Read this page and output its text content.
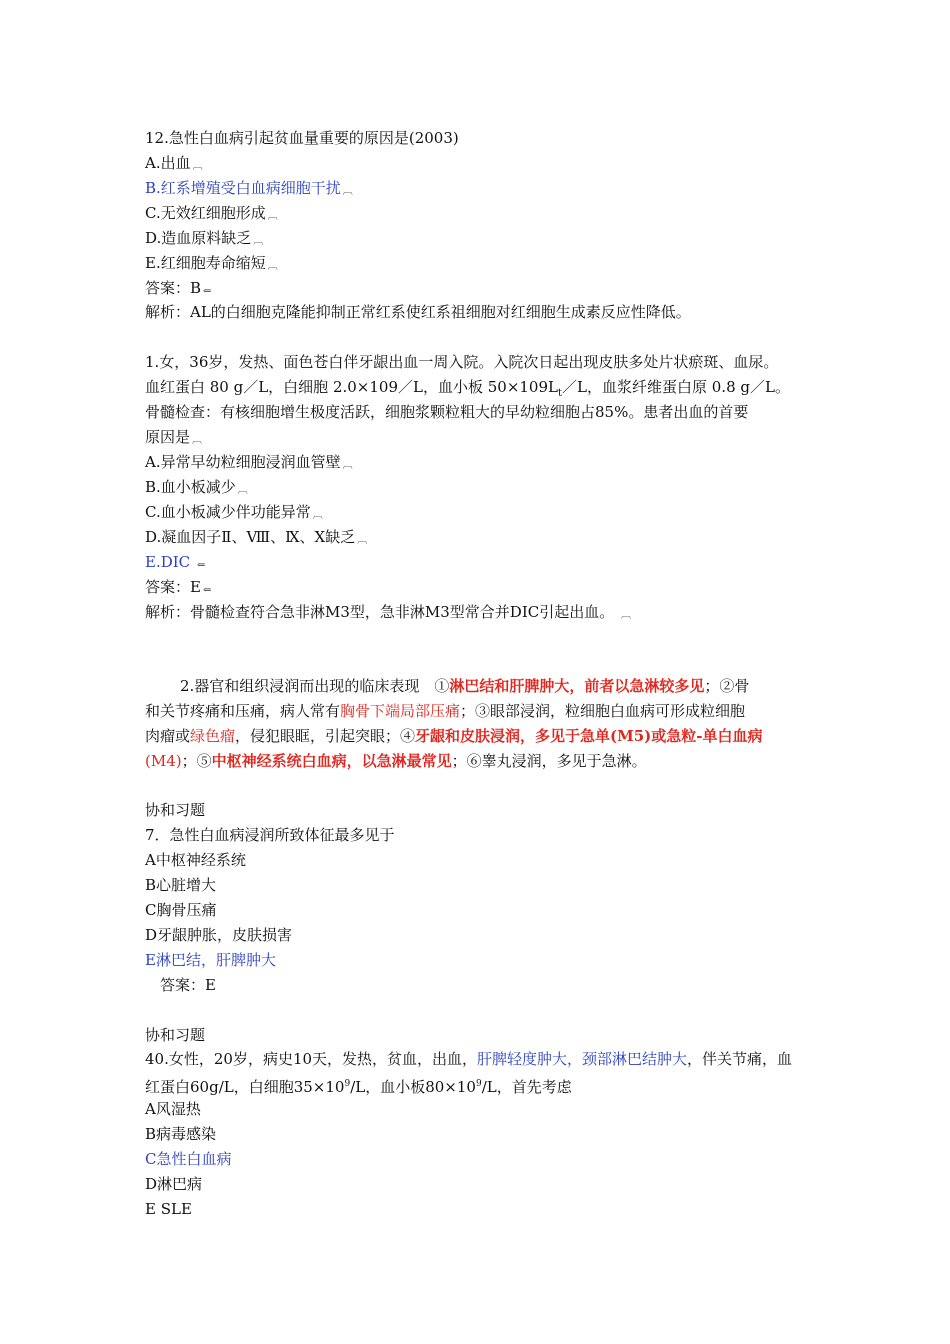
12.急性白血病引起贫血量重要的原因是(2003)
A.出血 ︹
B.红系增殖受白血病细胞干扰 ︹
C.无效红细胞形成 ︹
D.造血原料缺乏 ︹
E.红细胞寿命缩短 ︹
答案：B ⇐
解析：AL的白细胞克隆能抑制正常红系使红系祖细胞对红细胞生成素反应性降低。
1.女，36岁，发热、面色苍白伴牙龈出血一周入院。入院次日起出现皮肤多处片状瘀斑、血尿。
血红蛋白 80 g／L，白细胞 2.0×109／L，血小板 $50\times 109L_t/L$，血浆纤维蛋白原 0.8 g／L。
骨髓检查：有核细胞增生极度活跃，细胞浆颗粒粗大的早幼粒细胞占85%。患者出血的首要
原因是 ︹
A.异常早幼粒细胞浸润血管壁 ︹
B.血小板减少 ︹
C.血小板减少伴功能异常 ︹
D.凝血因子Ⅱ、Ⅷ、Ⅸ、Ⅹ缺乏 ︹
E.DIC ⇐
答案：E ⇐
解析：骨髓检查符合急非淋M3型，急非淋M3型常合并DIC引起出血。 ︹
2.器官和组织浸润而出现的临床表现　①淋巴结和肝脾肿大，前者以急淋较多见；②骨
和关节疼痛和压痛，病人常有胸骨下端局部压痛；③眼部浸润，粒细胞白血病可形成粒细胞
肉瘤或绿色瘤，侵犯眼眶，引起突眼；④牙龈和皮肤浸润，多见于急单(M5)或急粒-单白血病
(M4)；⑤中枢神经系统白血病，以急淋最常见；⑥睾丸浸润，多见于急淋。
协和习题
7．急性白血病浸润所致体征最多见于
A中枢神经系统
B心脏增大
C胸骨压痛
D牙龈肿胀，皮肤损害
E淋巴结，肝脾肿大
答案：E
协和习题
40.女性，20岁，病史10天，发热，贫血，出血，肝脾轻度肿大，颈部淋巴结肿大，伴关节痛，血
红蛋白60g/L，白细胞$35\times 10^9/L$，血小板$80\times 10^9/L$，首先考虑
A风湿热
B病毒感染
C急性白血病
D淋巴病
E SLE
